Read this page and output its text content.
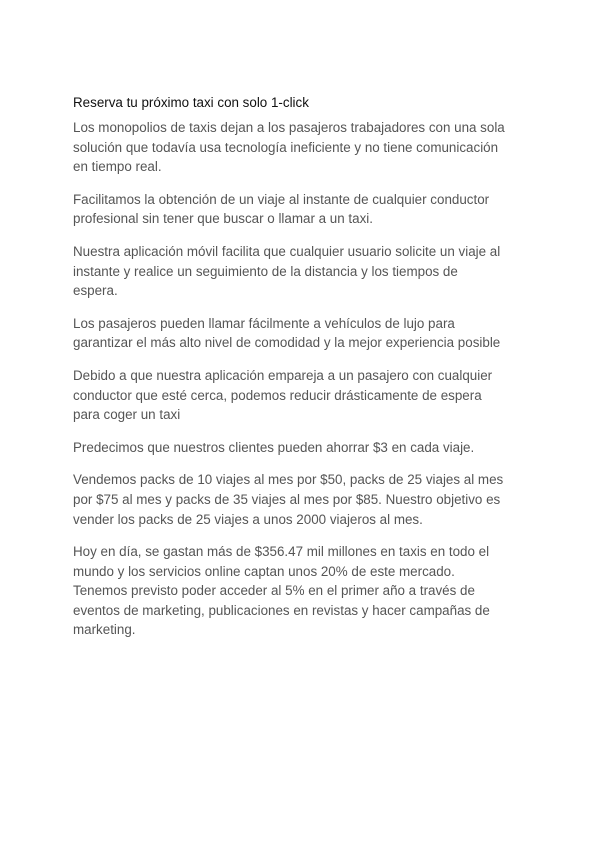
Reserva tu próximo taxi con solo 1-click

Los monopolios de taxis dejan a los pasajeros trabajadores con una sola
solución que todavía usa tecnología ineficiente y no tiene comunicación
en tiempo real.

Facilitamos la obtención de un viaje al instante de cualquier conductor
profesional sin tener que buscar o llamar a un taxi.

Nuestra aplicación móvil facilita que cualquier usuario solicite un viaje al
instante y realice un seguimiento de la distancia y los tiempos de
espera.

Los pasajeros pueden llamar fácilmente a vehículos de lujo para
garantizar el más alto nivel de comodidad y la mejor experiencia posible

Debido a que nuestra aplicación empareja a un pasajero con cualquier
conductor que esté cerca, podemos reducir drásticamente de espera
para coger un taxi

Predecimos que nuestros clientes pueden ahorrar $3 en cada viaje.

Vendemos packs de 10 viajes al mes por $50, packs de 25 viajes al mes
por $75 al mes y packs de 35 viajes al mes por $85. Nuestro objetivo es
vender los packs de 25 viajes a unos 2000 viajeros al mes.

Hoy en día, se gastan más de $356.47 mil millones en taxis en todo el
mundo y los servicios online captan unos 20% de este mercado.
Tenemos previsto poder acceder al 5% en el primer año a través de
eventos de marketing, publicaciones en revistas y hacer campañas de
marketing.
